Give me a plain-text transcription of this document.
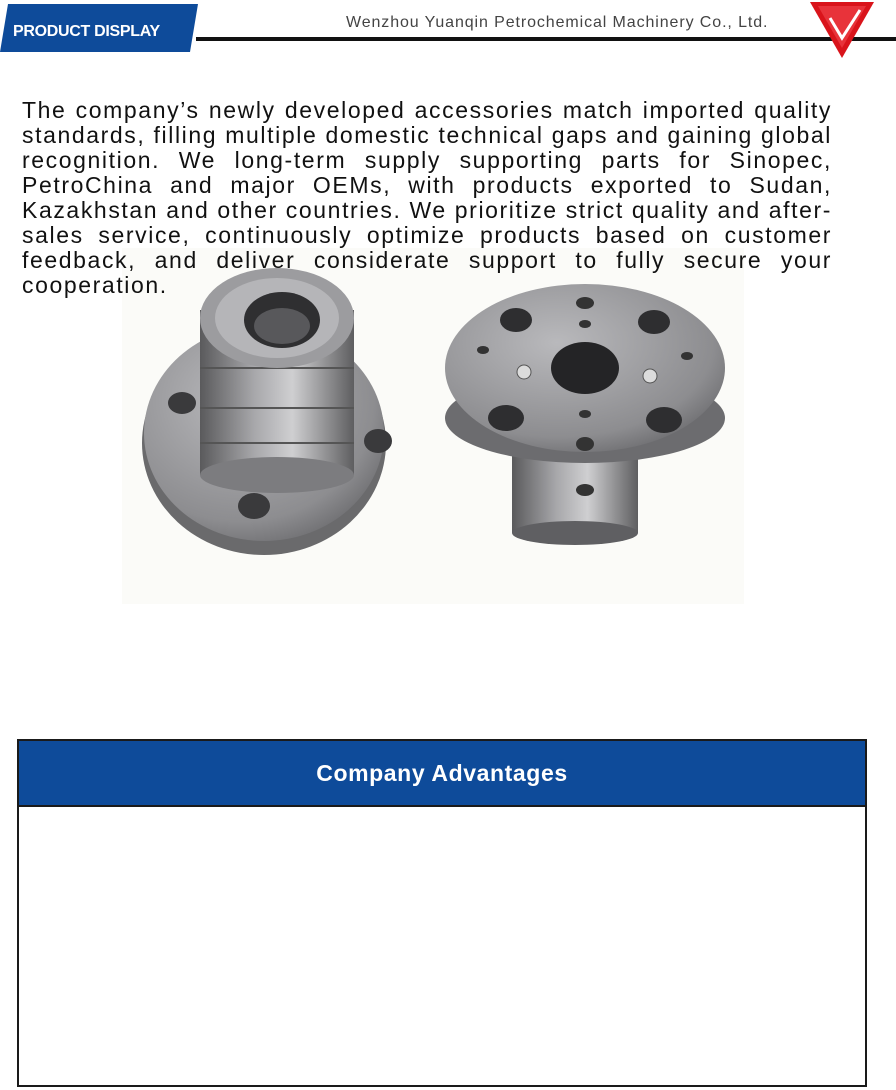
PRODUCT DISPLAY
Wenzhou Yuanqin Petrochemical Machinery Co., Ltd.
Company Advantages
The company’s newly developed accessories match imported quality standards, filling multiple domestic technical gaps and gaining global recognition. We long-term supply supporting parts for Sinopec, PetroChina and major OEMs, with products exported to Sudan, Kazakhstan and other countries. We prioritize strict quality and after-sales service, continuously optimize products based on customer feedback, and deliver considerate support to fully secure your cooperation.
